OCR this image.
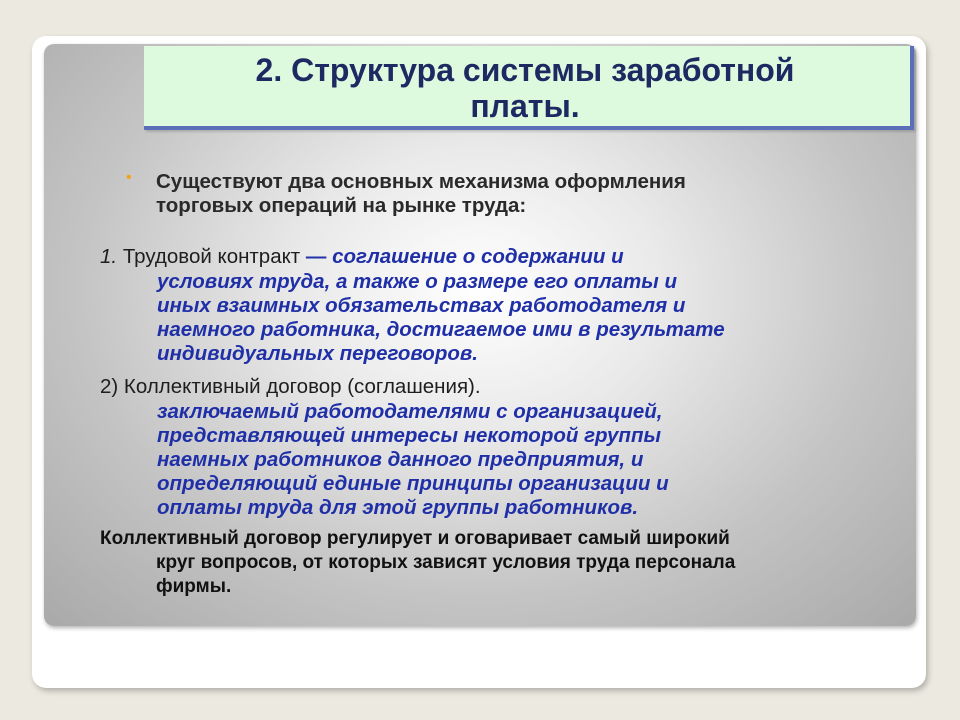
2. Структура системы заработной
платы.
• Существуют два основных механизма оформления
торговых операций на рынке труда:
1. Трудовой контракт — соглашение о содержании и
условиях труда, а также о размере его оплаты и
иных взаимных обязательствах работодателя и
наемного работника, достигаемое ими в результате
индивидуальных переговоров.
2) Коллективный договор (соглашения).
заключаемый работодателями с организацией,
представляющей интересы некоторой группы
наемных работников данного предприятия, и
определяющий единые принципы организации и
оплаты труда для этой группы работников.
Коллективный договор регулирует и оговаривает самый широкий
круг вопросов, от которых зависят условия труда персонала
фирмы.
